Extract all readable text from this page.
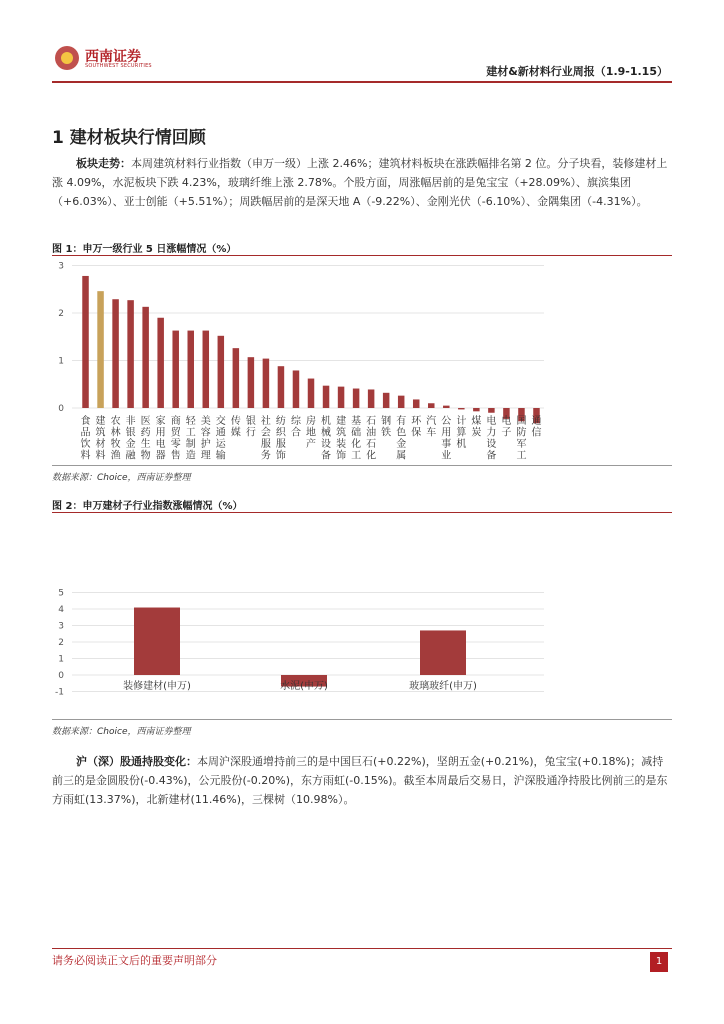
西南证券
SOUTHWEST SECURITIES	建材&新材料行业周报（1.9-1.15）
1 建材板块行情回顾
板块走势：本周建筑材料行业指数（申万一级）上涨 2.46%；建筑材料板块在涨跌幅排名第 2 位。分子块看，装修建材上涨 4.09%，水泥板块下跌 4.23%，玻璃纤维上涨 2.78%。个股方面，周涨幅居前的是兔宝宝（+28.09%）、旗滨集团（+6.03%）、亚士创能（+5.51%）；周跌幅居前的是深天地 A（-9.22%）、金刚光伏（-6.10%）、金隅集团（-4.31%）。
图 1：申万一级行业 5 日涨幅情况（%）
0
1
2
3
食品饮料
建筑材料
农林牧渔
非银金融
医药生物
家用电器
商贸零售
轻工制造
美容护理
交通运输
传媒
银行
社会服务
纺织服饰
综合
房地产
机械设备
建筑装饰
基础化工
石油石化
钢铁
有色金属
环保
汽车
公用事业
计算机
煤炭
电力设备
电子
国防军工
通信
数据来源：Choice，西南证券整理
图 2：申万建材子行业指数涨幅情况（%）
-1
0
1
2
3
4
5
装修建材(申万)	水泥(申万)	玻璃玻纤(申万)
数据来源：Choice，西南证券整理
沪（深）股通持股变化：本周沪深股通增持前三的是中国巨石(+0.22%)，坚朗五金(+0.21%)，兔宝宝(+0.18%)；减持前三的是金圆股份(-0.43%)，公元股份(-0.20%)，东方雨虹(-0.15%)。截至本周最后交易日，沪深股通净持股比例前三的是东方雨虹(13.37%)，北新建材(11.46%)，三棵树（10.98%）。
请务必阅读正文后的重要声明部分	1
